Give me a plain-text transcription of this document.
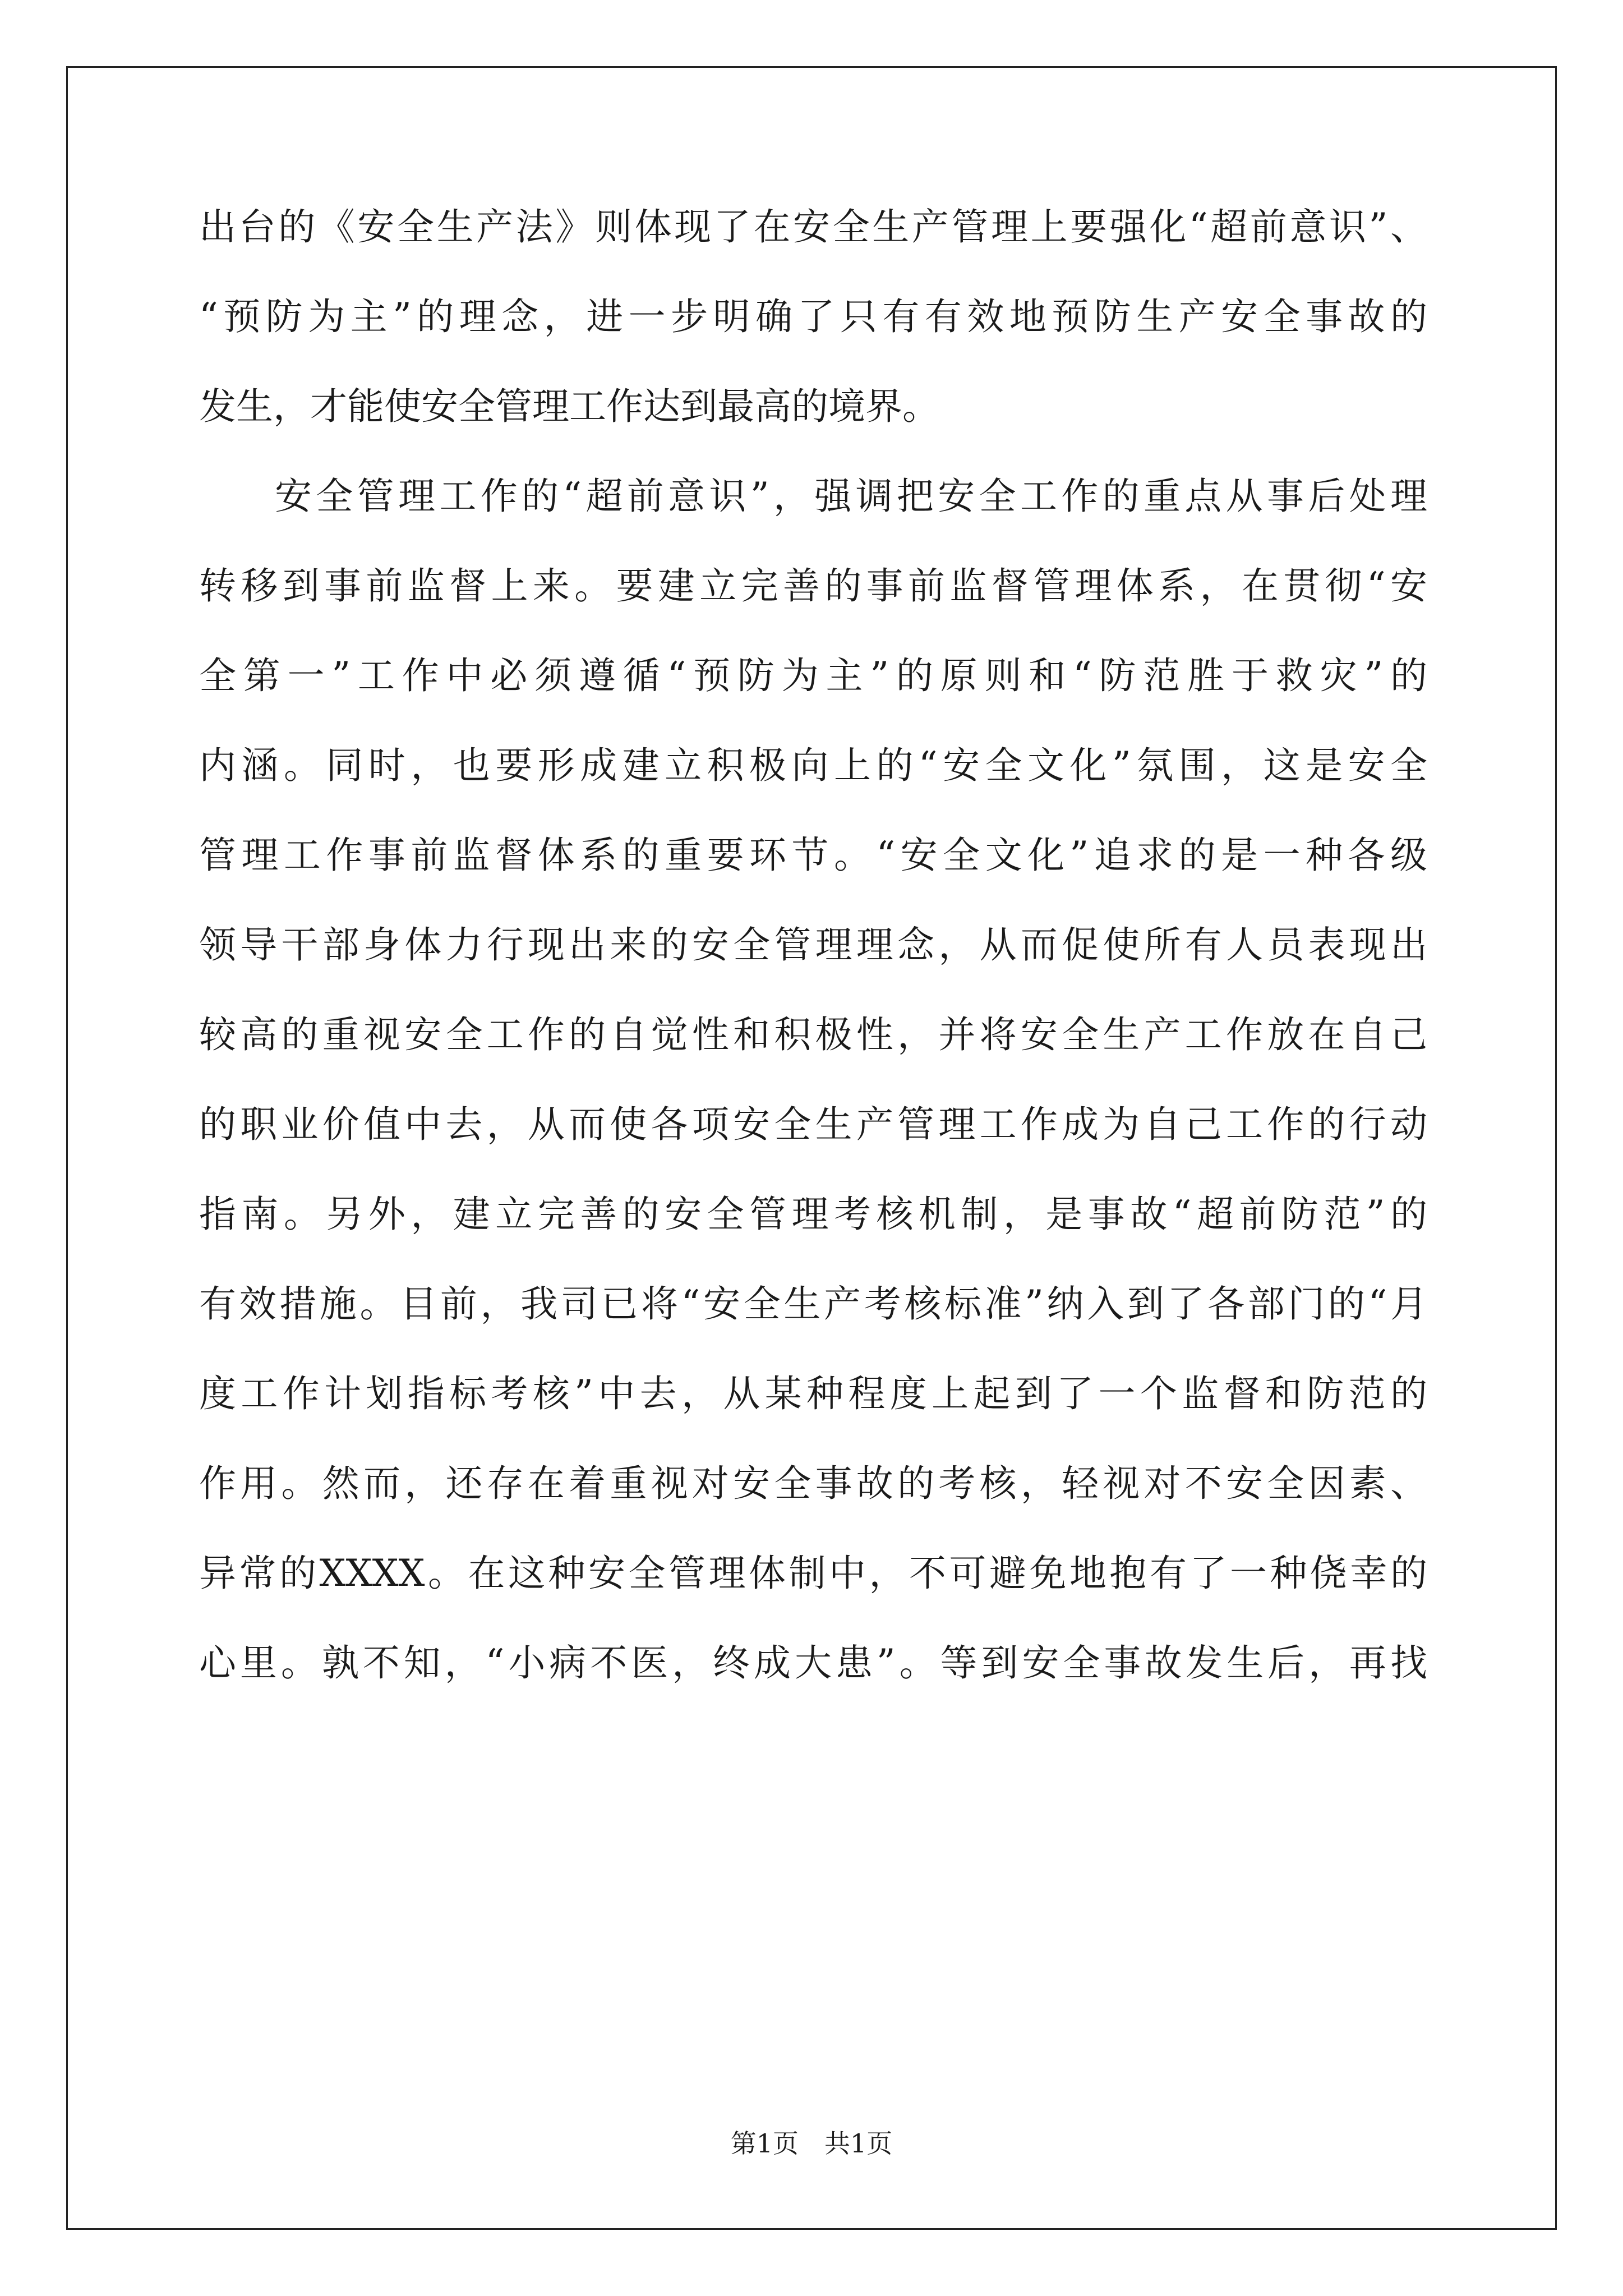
出台的《安全生产法》则体现了在安全生产管理上要强化“超前意识”、
“预防为主”的理念，进一步明确了只有有效地预防生产安全事故的
发生，才能使安全管理工作达到最高的境界。
安全管理工作的“超前意识”，强调把安全工作的重点从事后处理
转移到事前监督上来。要建立完善的事前监督管理体系，在贯彻“安
全第一”工作中必须遵循“预防为主”的原则和“防范胜于救灾”的
内涵。同时，也要形成建立积极向上的“安全文化”氛围，这是安全
管理工作事前监督体系的重要环节。“安全文化”追求的是一种各级
领导干部身体力行现出来的安全管理理念，从而促使所有人员表现出
较高的重视安全工作的自觉性和积极性，并将安全生产工作放在自己
的职业价值中去，从而使各项安全生产管理工作成为自己工作的行动
指南。另外，建立完善的安全管理考核机制，是事故“超前防范”的
有效措施。目前，我司已将“安全生产考核标准”纳入到了各部门的“月
度工作计划指标考核”中去，从某种程度上起到了一个监督和防范的
作用。然而，还存在着重视对安全事故的考核，轻视对不安全因素、
异常的XXXX。在这种安全管理体制中，不可避免地抱有了一种侥幸的
心里。孰不知，“小病不医，终成大患”。等到安全事故发生后，再找
第1页　共1页
